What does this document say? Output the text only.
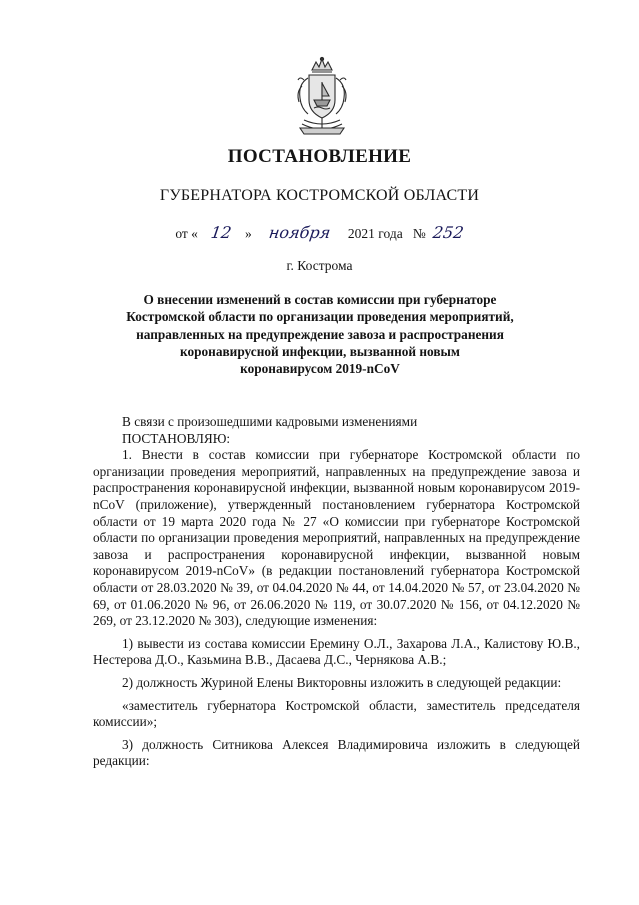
ПОСТАНОВЛЕНИЕ
ГУБЕРНАТОРА КОСТРОМСКОЙ ОБЛАСТИ
от « 12 » ноября 2021 года № 252
г. Кострома
О внесении изменений в состав комиссии при губернаторе
Костромской области по организации проведения мероприятий,
направленных на предупреждение завоза и распространения
коронавирусной инфекции, вызванной новым
коронавирусом 2019-nCoV

В связи с произошедшими кадровыми изменениями

ПОСТАНОВЛЯЮ:

1. Внести в состав комиссии при губернаторе Костромской области по организации проведения мероприятий, направленных на предупреждение завоза и распространения коронавирусной инфекции, вызванной новым коронавирусом 2019-nCoV (приложение), утвержденный постановлением губернатора Костромской области от 19 марта 2020 года № 27 «О комиссии при губернаторе Костромской области по организации проведения мероприятий, направленных на предупреждение завоза и распространения коронавирусной инфекции, вызванной новым коронавирусом 2019-nCoV» (в редакции постановлений губернатора Костромской области от 28.03.2020 № 39, от 04.04.2020 № 44, от 14.04.2020 № 57, от 23.04.2020 № 69, от 01.06.2020 № 96, от 26.06.2020 № 119, от 30.07.2020 № 156, от 04.12.2020 № 269, от 23.12.2020 № 303), следующие изменения:

1) вывести из состава комиссии Еремину О.Л., Захарова Л.А., Калистову Ю.В., Нестерова Д.О., Казьмина В.В., Дасаева Д.С., Чернякова А.В.;

2) должность Журиной Елены Викторовны изложить в следующей редакции:

«заместитель губернатора Костромской области, заместитель председателя комиссии»;

3) должность Ситникова Алексея Владимировича изложить в следующей редакции:
